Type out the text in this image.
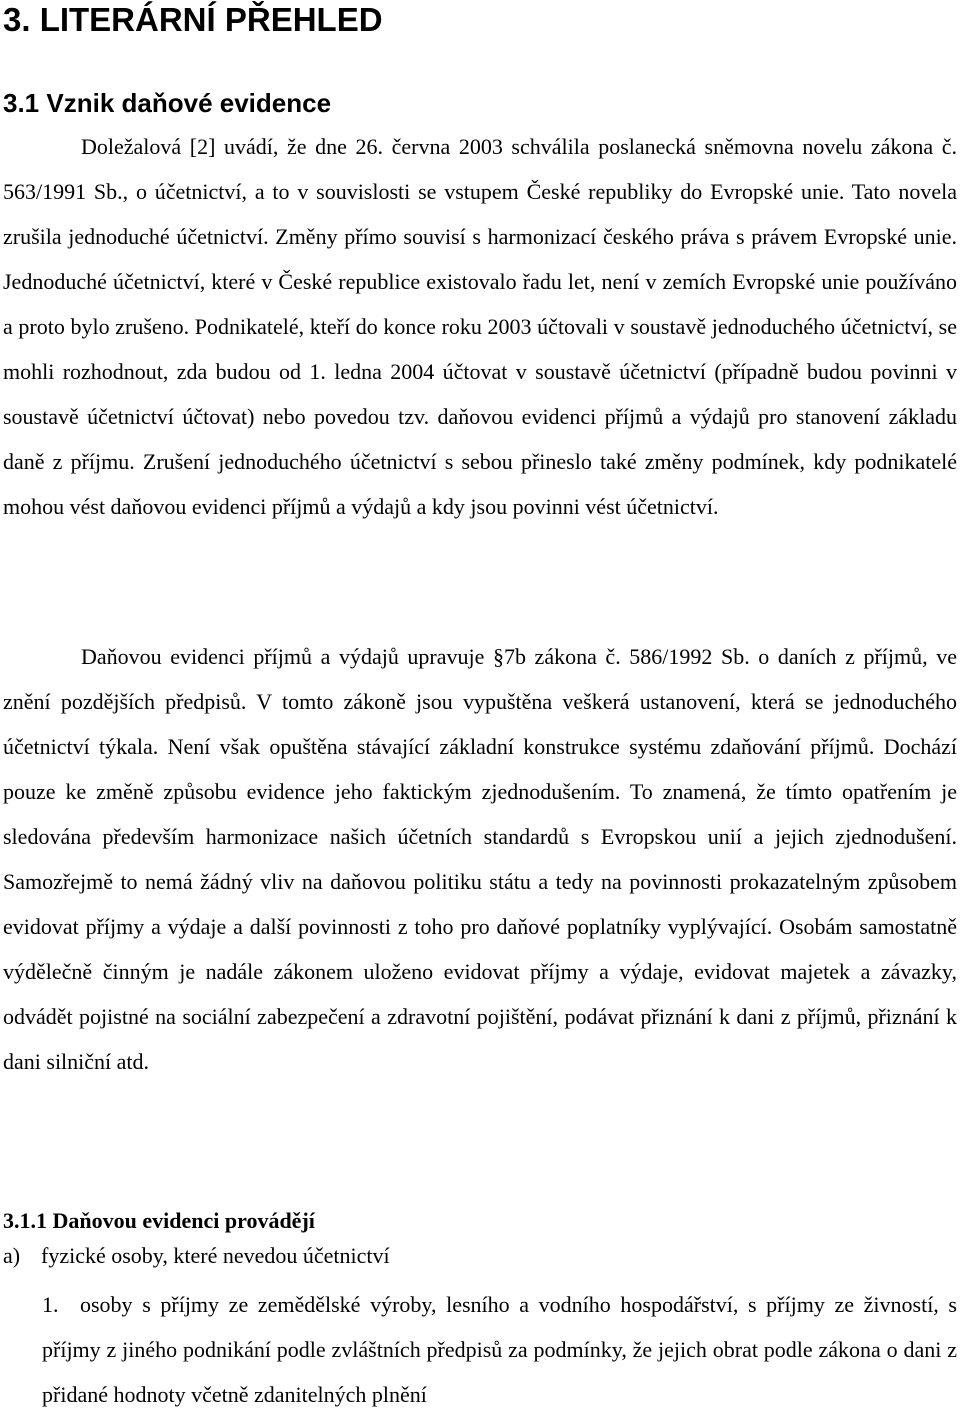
3. LITERÁRNÍ PŘEHLED
3.1 Vznik daňové evidence

Doležalová [2] uvádí, že dne 26. června 2003 schválila poslanecká sněmovna novelu zákona č. 563/1991 Sb., o účetnictví, a to v souvislosti se vstupem České republiky do Evropské unie. Tato novela zrušila jednoduché účetnictví. Změny přímo souvisí s harmonizací českého práva s právem Evropské unie. Jednoduché účetnictví, které v České republice existovalo řadu let, není v zemích Evropské unie používáno a proto bylo zrušeno. Podnikatelé, kteří do konce roku 2003 účtovali v soustavě jednoduchého účetnictví, se mohli rozhodnout, zda budou od 1. ledna 2004 účtovat v soustavě účetnictví (případně budou povinni v soustavě účetnictví účtovat) nebo povedou tzv. daňovou evidenci příjmů a výdajů pro stanovení základu daně z příjmu. Zrušení jednoduchého účetnictví s sebou přineslo také změny podmínek, kdy podnikatelé mohou vést daňovou evidenci příjmů a výdajů a kdy jsou povinni vést účetnictví.

Daňovou evidenci příjmů a výdajů upravuje §7b zákona č. 586/1992 Sb. o daních z příjmů, ve znění pozdějších předpisů. V tomto zákoně jsou vypuštěna veškerá ustanovení, která se jednoduchého účetnictví týkala. Není však opuštěna stávající základní konstrukce systému zdaňování příjmů. Dochází pouze ke změně způsobu evidence jeho faktickým zjednodušením. To znamená, že tímto opatřením je sledována především harmonizace našich účetních standardů s Evropskou unií a jejich zjednodušení. Samozřejmě to nemá žádný vliv na daňovou politiku státu a tedy na povinnosti prokazatelným způsobem evidovat příjmy a výdaje a další povinnosti z toho pro daňové poplatníky vyplývající. Osobám samostatně výdělečně činným je nadále zákonem uloženo evidovat příjmy a výdaje, evidovat majetek a závazky, odvádět pojistné na sociální zabezpečení a zdravotní pojištění, podávat přiznání k dani z příjmů, přiznání k dani silniční atd.

3.1.1 Daňovou evidenci provádějí
a) fyzické osoby, které nevedou účetnictví
1. osoby s příjmy ze zemědělské výroby, lesního a vodního hospodářství, s příjmy ze živností, s příjmy z jiného podnikání podle zvláštních předpisů za podmínky, že jejich obrat podle zákona o dani z přidané hodnoty včetně zdanitelných plnění
